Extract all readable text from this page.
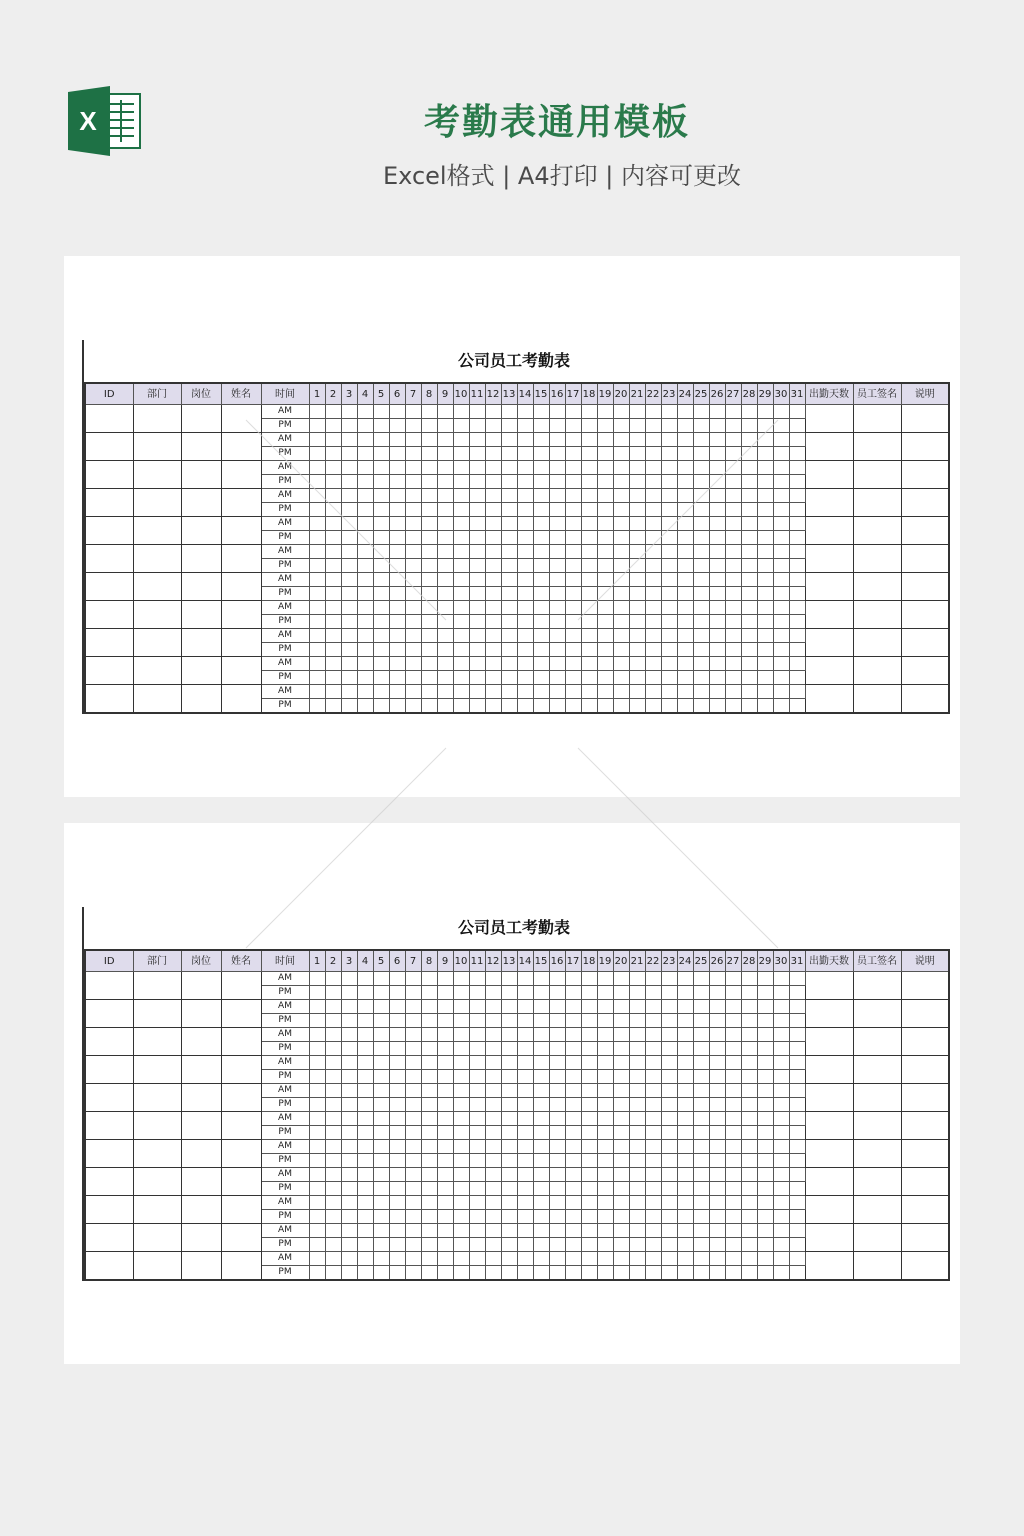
X	考勤表通用模板
Excel格式 | A4打印 | 内容可更改
公司员工考勤表
ID	部门	岗位	姓名	时间	1	2	3	4	5	6	7	8	9	10	11	12	13	14	15	16	17	18	19	20	21	22	23	24	25	26	27	28	29	30	31	出勤天数	员工签名	说明
				AM																																		
				PM																																		
				AM																																		
				PM																																		
				AM																																		
				PM																																		
				AM																																		
				PM																																		
				AM																																		
				PM																																		
				AM																																		
				PM																																		
				AM																																		
				PM																																		
				AM																																		
				PM																																		
				AM																																		
				PM																																		
				AM																																		
				PM																																		
				AM																																		
				PM																																		
公司员工考勤表
ID	部门	岗位	姓名	时间	1	2	3	4	5	6	7	8	9	10	11	12	13	14	15	16	17	18	19	20	21	22	23	24	25	26	27	28	29	30	31	出勤天数	员工签名	说明
				AM																																		
				PM																																		
				AM																																		
				PM																																		
				AM																																		
				PM																																		
				AM																																		
				PM																																		
				AM																																		
				PM																																		
				AM																																		
				PM																																		
				AM																																		
				PM																																		
				AM																																		
				PM																																		
				AM																																		
				PM																																		
				AM																																		
				PM																																		
				AM																																		
				PM																																		
